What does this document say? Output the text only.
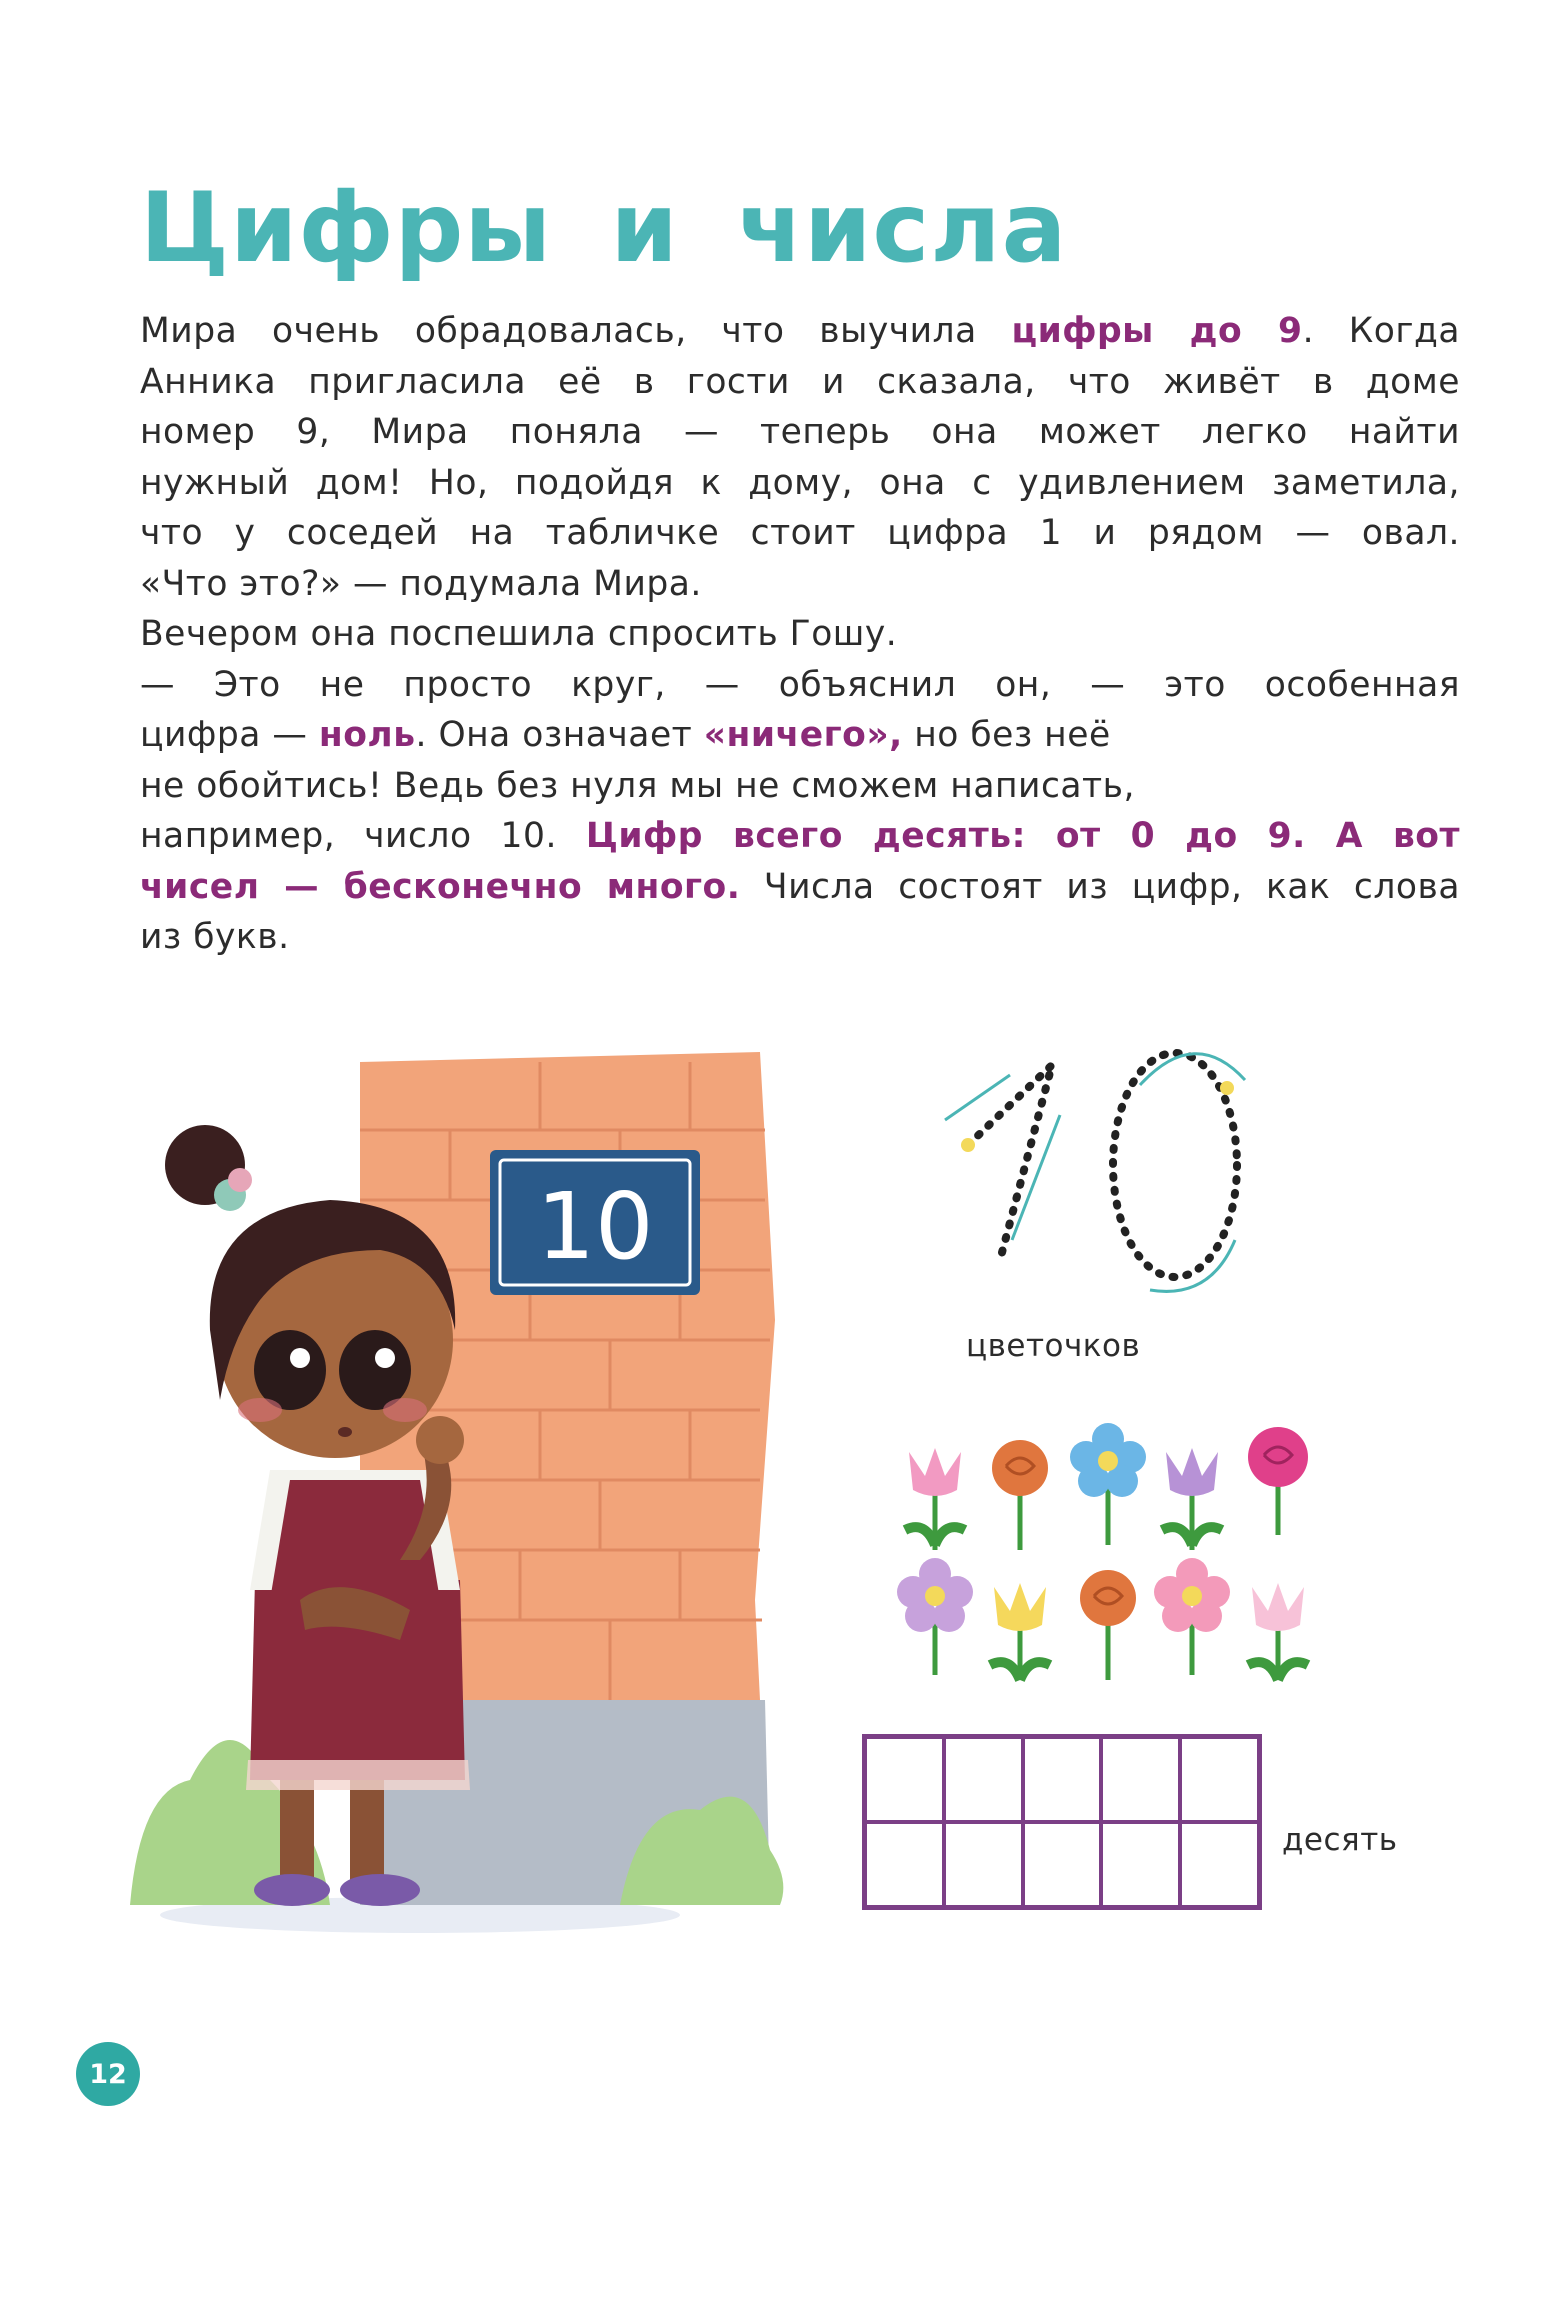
Цифры и числа
Мира очень обрадовалась, что выучила цифры до 9. Когда
Анника пригласила её в гости и сказала, что живёт в доме
номер 9, Мира поняла — теперь она может легко найти
нужный дом! Но, подойдя к дому, она с удивлением заметила,
что у соседей на табличке стоит цифра 1 и рядом — овал.
«Что это?» — подумала Мира.
Вечером она поспешила спросить Гошу.
— Это не просто круг, — объяснил он, — это особенная
цифра — ноль. Она означает «ничего», но без неё
не обойтись! Ведь без нуля мы не сможем написать,
например, число 10. Цифр всего десять: от 0 до 9. А вот
чисел — бесконечно много. Числа состоят из цифр, как слова
из букв.
10
цветочков
десять
12
